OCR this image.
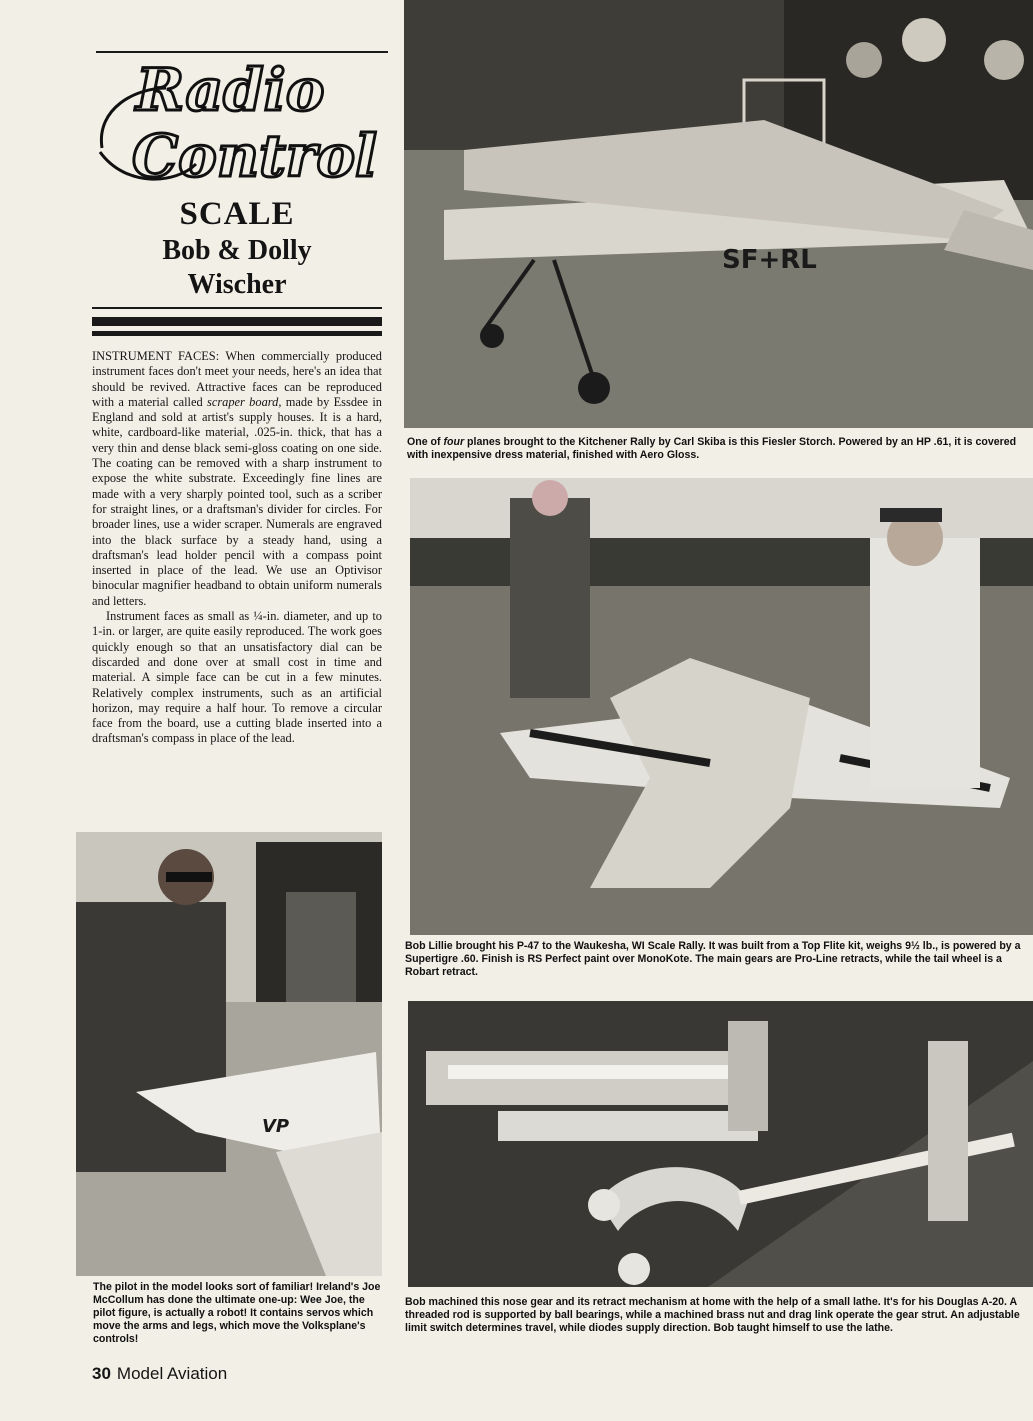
Radio
Control
SCALE
Bob & Dolly
Wischer

INSTRUMENT FACES: When commercially produced instrument faces don't meet your needs, here's an idea that should be revived. Attractive faces can be reproduced with a material called scraper board, made by Essdee in England and sold at artist's supply houses. It is a hard, white, cardboard-like material, .025-in. thick, that has a very thin and dense black semi-gloss coating on one side. The coating can be removed with a sharp instrument to expose the white substrate. Exceedingly fine lines are made with a very sharply pointed tool, such as a scriber for straight lines, or a draftsman's divider for circles. For broader lines, use a wider scraper. Numerals are engraved into the black surface by a steady hand, using a draftsman's lead holder pencil with a compass point inserted in place of the lead. We use an Optivisor binocular magnifier headband to obtain uniform numerals and letters.

Instrument faces as small as ¼-in. diameter, and up to 1-in. or larger, are quite easily reproduced. The work goes quickly enough so that an unsatisfactory dial can be discarded and done over at small cost in time and material. A simple face can be cut in a few minutes. Relatively complex instruments, such as an artificial horizon, may require a half hour. To remove a circular face from the board, use a cutting blade inserted into a draftsman's compass in place of the lead.

SF+RL
One of four planes brought to the Kitchener Rally by Carl Skiba is this Fiesler Storch. Powered by an HP .61, it is covered with inexpensive dress material, finished with Aero Gloss.
Bob Lillie brought his P-47 to the Waukesha, WI Scale Rally. It was built from a Top Flite kit, weighs 9½ lb., is powered by a Supertigre .60. Finish is RS Perfect paint over MonoKote. The main gears are Pro-Line retracts, while the tail wheel is a Robart retract.
VP
The pilot in the model looks sort of familiar! Ireland's Joe McCollum has done the ultimate one-up: Wee Joe, the pilot figure, is actually a robot! It contains servos which move the arms and legs, which move the Volksplane's controls!
Bob machined this nose gear and its retract mechanism at home with the help of a small lathe. It's for his Douglas A-20. A threaded rod is supported by ball bearings, while a machined brass nut and drag link operate the gear strut. An adjustable limit switch determines travel, while diodes supply direction. Bob taught himself to use the lathe.
30 Model Aviation
